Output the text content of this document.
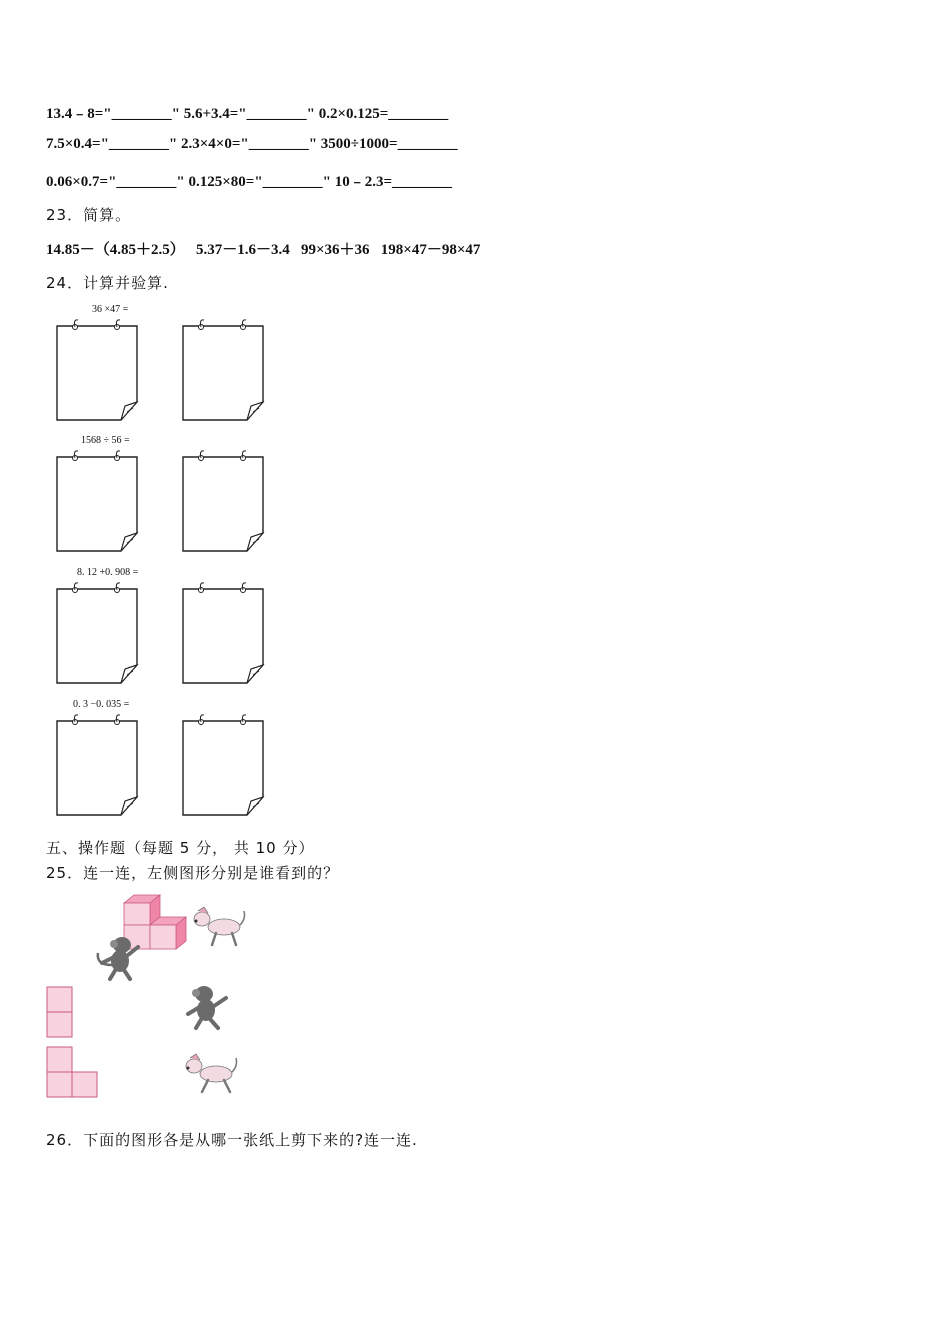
13.4﹣8="________" 5.6+3.4="________" 0.2×0.125=________
7.5×0.4="________" 2.3×4×0="________" 3500÷1000=________
0.06×0.7="________" 0.125×80="________" 10﹣2.3=________
23．简算。
14.85－（4.85＋2.5）   5.37－1.6－3.4   99×36＋36   198×47－98×47
24．计算并验算.
36 ×47 =
1568 ÷ 56 =
8. 12 +0. 908 =
0. 3 −0. 035 =
五、操作题（每题 5 分， 共 10 分）
25．连一连，左侧图形分别是谁看到的？
26．下面的图形各是从哪一张纸上剪下来的?连一连.
